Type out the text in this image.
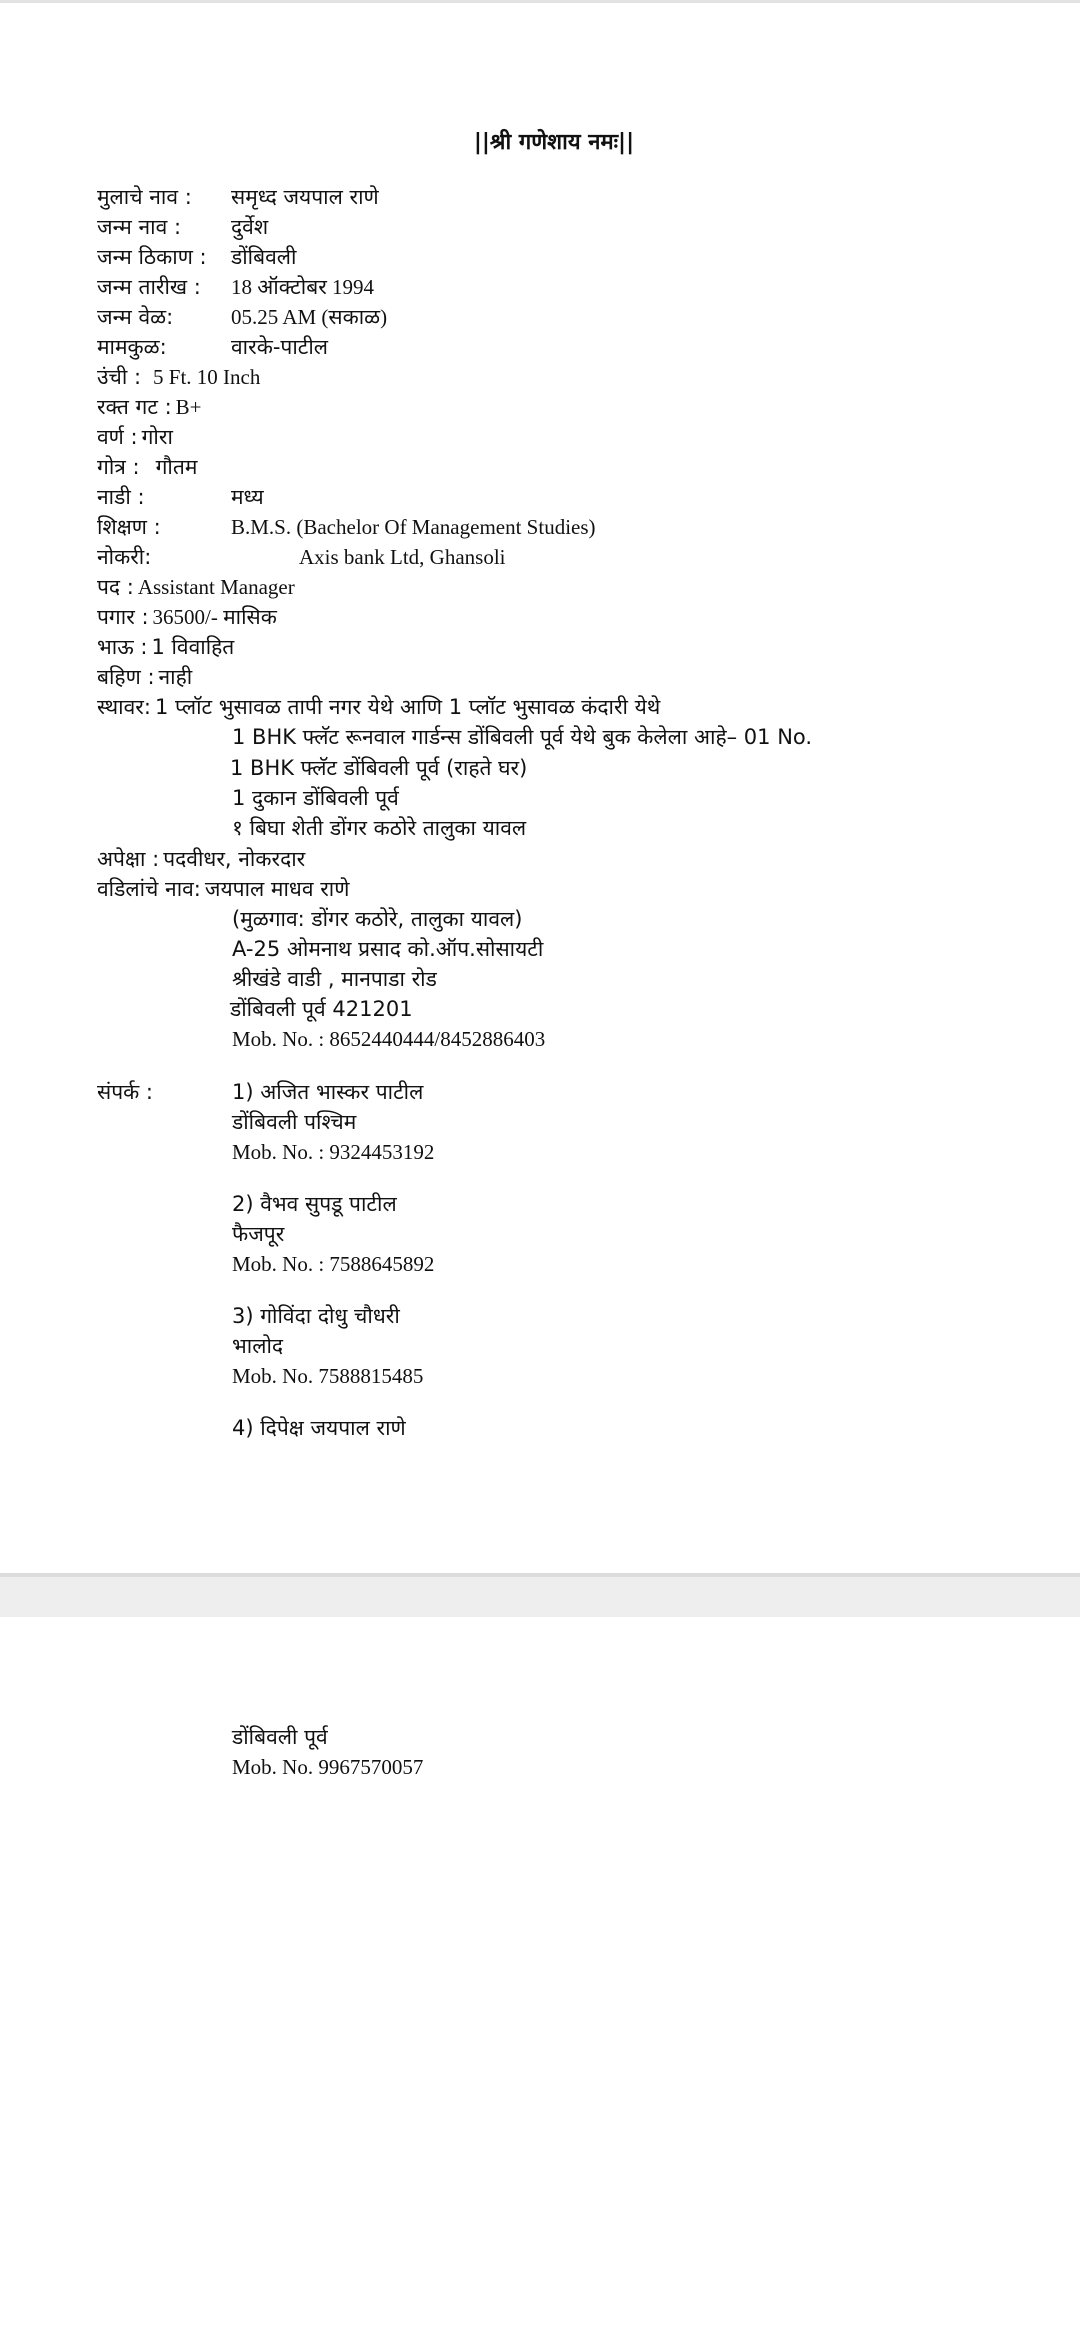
||श्री गणेशाय नमः||
मुलाचे नाव : समृध्द जयपाल राणे
जन्म नाव : दुर्वेश
जन्म ठिकाण : डोंबिवली
जन्म तारीख : 18 ऑक्टोबर 1994
जन्म वेळ:	05.25 AM (सकाळ)
मामकुळ:	वारके-पाटील
उंची : 5 Ft. 10 Inch
रक्त गट : B+
वर्ण : गोरा
गोत्र : गौतम
नाडी :	मध्य
शिक्षण :	B.M.S. (Bachelor Of Management Studies)
नोकरी:	Axis bank Ltd, Ghansoli
पद : Assistant Manager
पगार : 36500/- मासिक
भाऊ : 1 विवाहित
बहिण : नाही
स्थावर: 1 प्लॉट भुसावळ तापी नगर येथे आणि 1 प्लॉट भुसावळ कंदारी येथे
1 BHK फ्लॅट रूनवाल गार्डन्स डोंबिवली पूर्व येथे बुक केलेला आहे– 01 No.
1 BHK फ्लॅट डोंबिवली पूर्व (राहते घर)
1 दुकान डोंबिवली पूर्व
१ बिघा शेती डोंगर कठोरे तालुका यावल
अपेक्षा : पदवीधर, नोकरदार
वडिलांचे नाव: जयपाल माधव राणे
(मुळगाव: डोंगर कठोरे, तालुका यावल)
A-25 ओमनाथ प्रसाद को.ऑप.सोसायटी
श्रीखंडे वाडी , मानपाडा रोड
डोंबिवली पूर्व 421201
Mob. No. : 8652440444/8452886403
संपर्क :	1) अजित भास्कर पाटील
डोंबिवली पश्चिम
Mob. No. : 9324453192
2) वैभव सुपडू पाटील
फैजपूर
Mob. No. : 7588645892
3) गोविंदा दोधु चौधरी
भालोद
Mob. No. 7588815485
4) दिपेक्ष जयपाल राणे
डोंबिवली पूर्व
Mob. No. 9967570057
